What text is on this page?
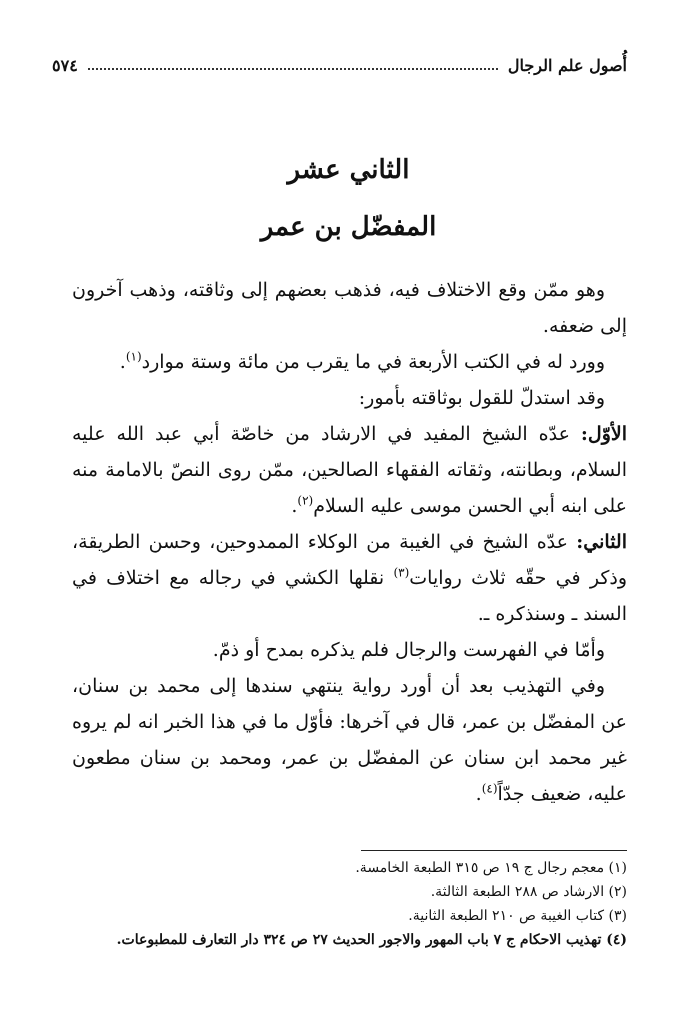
أُصول علم الرجال
٥٧٤
الثاني عشر
المفضّل بن عمر

وهو ممّن وقع الاختلاف فيه، فذهب بعضهم إلى وثاقته، وذهب آخرون إلى ضعفه.

وورد له في الكتب الأربعة في ما يقرب من مائة وستة موارد$^{(١)}$.

وقد استدلّ للقول بوثاقته بأمور:

الأوّل: عدّه الشيخ المفيد في الارشاد من خاصّة أبي عبد الله عليه السلام، وبطانته، وثقاته الفقهاء الصالحين، ممّن روى النصّ بالامامة منه على ابنه أبي الحسن موسى عليه السلام$^{(٢)}$.

الثاني: عدّه الشيخ في الغيبة من الوكلاء الممدوحين، وحسن الطريقة، وذكر في حقّه ثلاث روايات$^{(٣)}$ نقلها الكشي في رجاله مع اختلاف في السند ـ وسنذكره ـ.

وأمّا في الفهرست والرجال فلم يذكره بمدح أو ذمّ.

وفي التهذيب بعد أن أورد رواية ينتهي سندها إلى محمد بن سنان، عن المفضّل بن عمر، قال في آخرها: فأوّل ما في هذا الخبر انه لم يروه غير محمد ابن سنان عن المفضّل بن عمر، ومحمد بن سنان مطعون عليه، ضعيف جدّاً$^{(٤)}$.

(١) معجم رجال ج ١٩ ص ٣١٥ الطبعة الخامسة.
(٢) الارشاد ص ٢٨٨ الطبعة الثالثة.
(٣) كتاب الغيبة ص ٢١٠ الطبعة الثانية.
(٤) تهذيب الاحكام ج ٧ باب المهور والاجور الحديث ٢٧ ص ٣٢٤ دار التعارف للمطبوعات.
